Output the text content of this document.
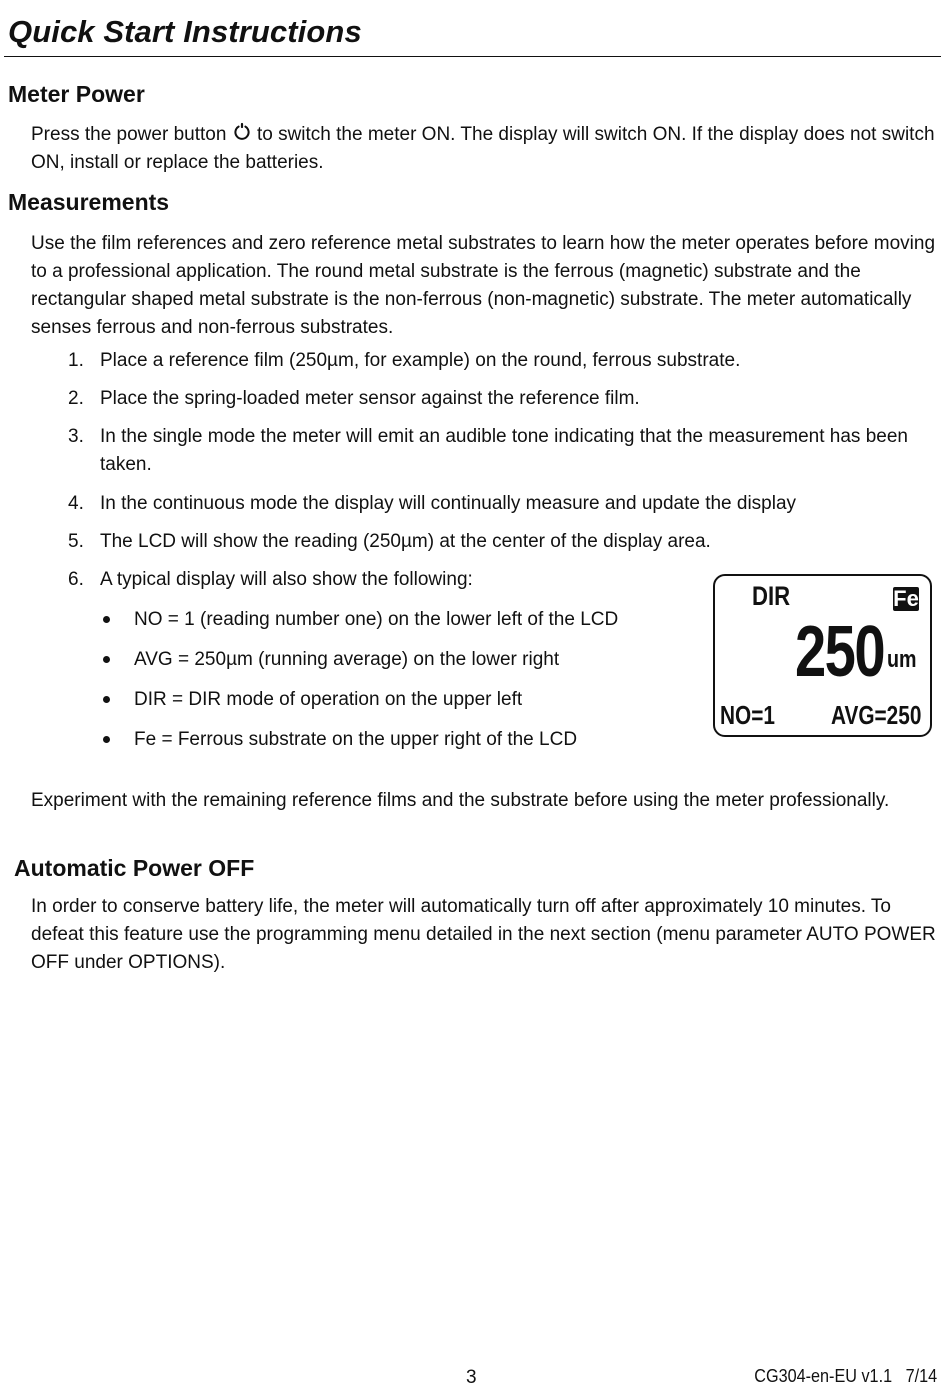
Quick Start Instructions
Meter Power

Press the power button  to switch the meter ON. The display will switch ON. If the display does not switch ON, install or replace the batteries.

Measurements

Use the film references and zero reference metal substrates to learn how the meter operates before moving to a professional application. The round metal substrate is the ferrous (magnetic) substrate and the rectangular shaped metal substrate is the non-ferrous (non-magnetic) substrate. The meter automatically senses ferrous and non-ferrous substrates.

1. Place a reference film (250µm, for example) on the round, ferrous substrate.
2. Place the spring-loaded meter sensor against the reference film.
3. In the single mode the meter will emit an audible tone indicating that the measurement has been taken.
4. In the continuous mode the display will continually measure and update the display
5. The LCD will show the reading (250µm) at the center of the display area.
6. A typical display will also show the following:
NO = 1 (reading number one) on the lower left of the LCD
AVG = 250µm (running average) on the lower right
DIR = DIR mode of operation on the upper left
Fe = Ferrous substrate on the upper right of the LCD
DIR	Fe
250 um
NO=1 AVG=250

Experiment with the remaining reference films and the substrate before using the meter professionally.

Automatic Power OFF

In order to conserve battery life, the meter will automatically turn off after approximately 10 minutes. To defeat this feature use the programming menu detailed in the next section (menu parameter AUTO POWER OFF under OPTIONS).

3	CG304-en-EU v1.1   7/14
